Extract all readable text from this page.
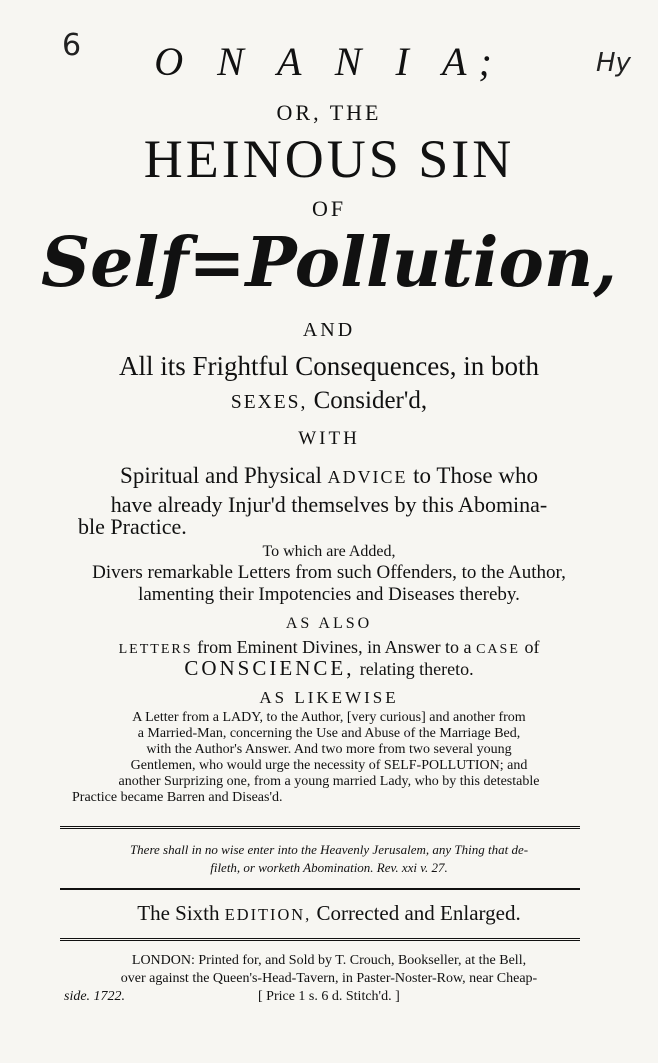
6	Hy
O N A N I A;
OR, THE
HEINOUS SIN
OF
Self=Pollution,
AND
All its Frightful Consequences, in both
SEXES, Consider'd,
WITH
Spiritual and Physical ADVICE to Those who
have already Injur'd themselves by this Abomina-
ble Practice.
To which are Added,
Divers remarkable Letters from such Offenders, to the Author,
lamenting their Impotencies and Diseases thereby.
AS ALSO
LETTERS from Eminent Divines, in Answer to a CASE of
CONSCIENCE, relating thereto.
AS LIKEWISE
A Letter from a LADY, to the Author, [very curious] and another from
a Married-Man, concerning the Use and Abuse of the Marriage Bed,
with the Author's Answer. And two more from two several young
Gentlemen, who would urge the necessity of SELF-POLLUTION; and
another Surprizing one, from a young married Lady, who by this detestable
Practice became Barren and Diseas'd.
There shall in no wise enter into the Heavenly Jerusalem, any Thing that de-
fileth, or worketh Abomination. Rev. xxi v. 27.
The Sixth EDITION, Corrected and Enlarged.
LONDON: Printed for, and Sold by T. Crouch, Bookseller, at the Bell,
over against the Queen's-Head-Tavern, in Paster-Noster-Row, near Cheap-
side. 1722.	[ Price 1 s. 6 d. Stitch'd. ]
